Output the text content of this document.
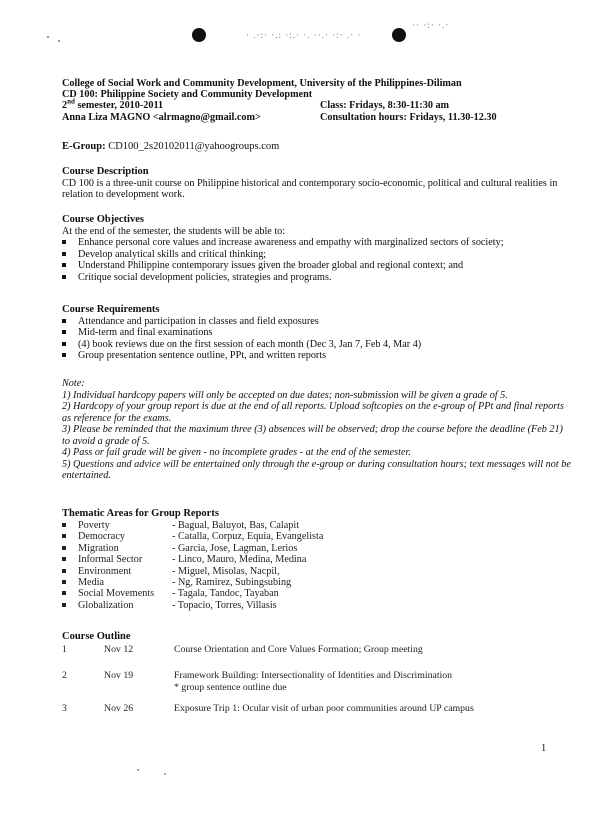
· .·:· ·.: ·:.· ·. ··.· ·:· .· ·
·· ·:· ·.·
College of Social Work and Community Development, University of the Philippines-Diliman
CD 100: Philippine Society and Community Development
2nd semester, 2010-2011	Class: Fridays, 8:30-11:30 am
Anna Liza MAGNO <alrmagno@gmail.com>	Consultation hours: Fridays, 11.30-12.30
E-Group: CD100_2s20102011@yahoogroups.com
Course Description
CD 100 is a three-unit course on Philippine historical and contemporary socio-economic, political and cultural realities in relation to development work.
Course Objectives
At the end of the semester, the students will be able to:
Enhance personal core values and increase awareness and empathy with marginalized sectors of society;
Develop analytical skills and critical thinking;
Understand Philippine contemporary issues given the broader global and regional context; and
Critique social development policies, strategies and programs.
Course Requirements
Attendance and participation in classes and field exposures
Mid-term and final examinations
(4) book reviews due on the first session of each month (Dec 3, Jan 7, Feb 4, Mar 4)
Group presentation sentence outline, PPt, and written reports
Note:
1) Individual hardcopy papers will only be accepted on due dates; non-submission will be given a grade of 5.
2) Hardcopy of your group report is due at the end of all reports. Upload softcopies on the e-group of PPt and final reports as reference for the exams.
3) Please be reminded that the maximum three (3) absences will be observed; drop the course before the deadline (Feb 21) to avoid a grade of 5.
4) Pass or fail grade will be given - no incomplete grades - at the end of the semester.
5) Questions and advice will be entertained only through the e-group or during consultation hours; text messages will not be entertained.
Thematic Areas for Group Reports
Poverty	- Bagual, Baluyot, Bas, Calapit
Democracy	- Catalla, Corpuz, Equia, Evangelista
Migration	- Garcia, Jose, Lagman, Lerios
Informal Sector	- Linco, Mauro, Medina, Medina
Environment	- Miguel, Misolas, Nacpil,
Media	- Ng, Ramirez, Subingsubing
Social Movements - Tagala, Tandoc, Tayaban
Globalization	- Topacio, Torres, Villasis
Course Outline
1	Nov 12	Course Orientation and Core Values Formation; Group meeting
2	Nov 19	Framework Building: Intersectionality of Identities and Discrimination
* group sentence outline due
3	Nov 26	Exposure Trip 1: Ocular visit of urban poor communities around UP campus
1
